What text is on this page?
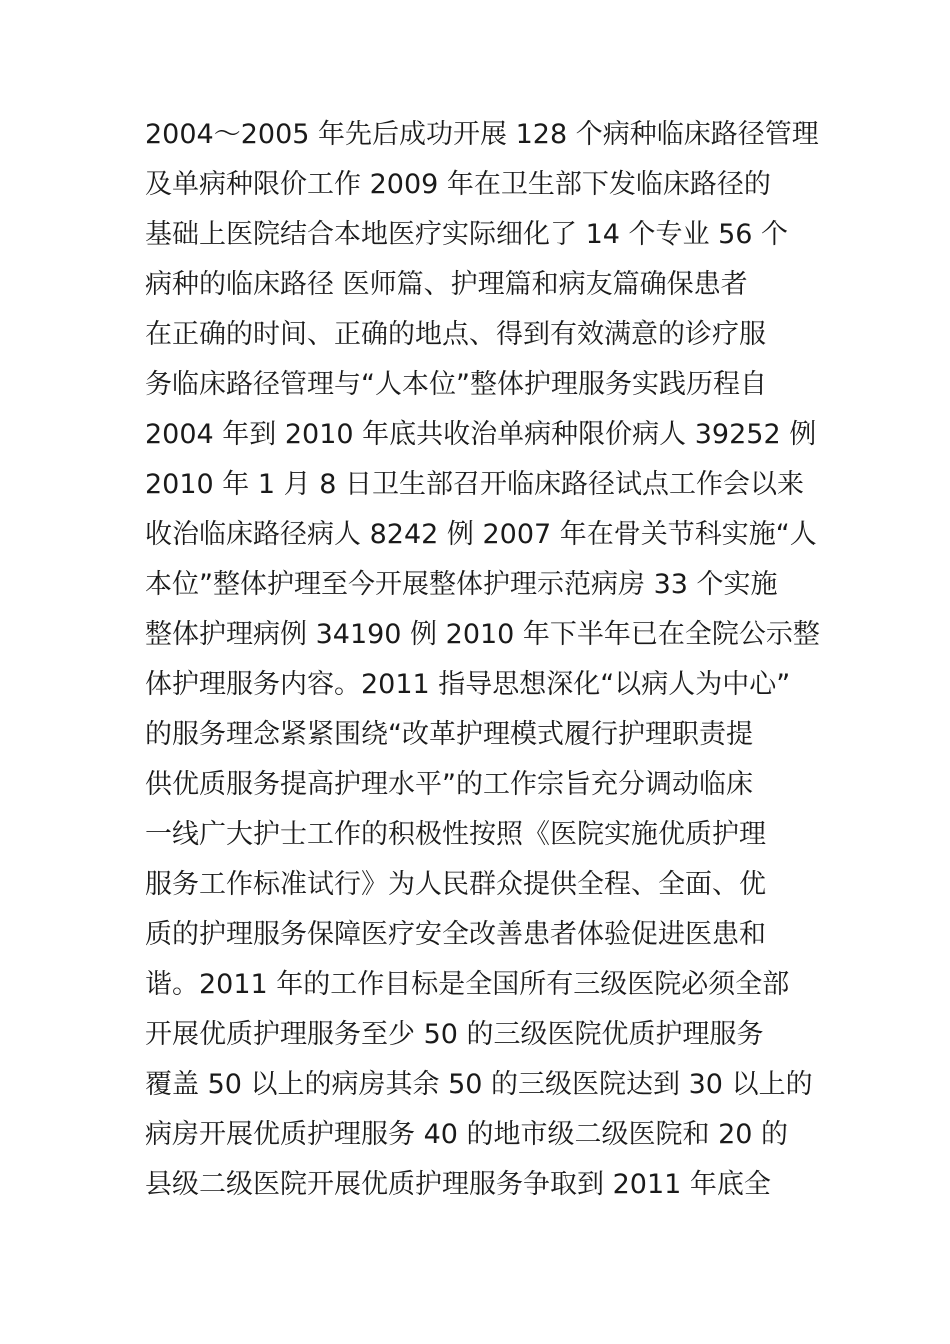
2004～2005 年先后成功开展 128 个病种临床路径管理
及单病种限价工作 2009 年在卫生部下发临床路径的
基础上医院结合本地医疗实际细化了 14 个专业 56 个
病种的临床路径 医师篇、护理篇和病友篇确保患者
在正确的时间、正确的地点、得到有效满意的诊疗服
务临床路径管理与“人本位”整体护理服务实践历程自
2004 年到 2010 年底共收治单病种限价病人 39252 例
2010 年 1 月 8 日卫生部召开临床路径试点工作会以来
收治临床路径病人 8242 例 2007 年在骨关节科实施“人
本位”整体护理至今开展整体护理示范病房 33 个实施
整体护理病例 34190 例 2010 年下半年已在全院公示整
体护理服务内容。2011 指导思想深化“以病人为中心”
的服务理念紧紧围绕“改革护理模式履行护理职责提
供优质服务提高护理水平”的工作宗旨充分调动临床
一线广大护士工作的积极性按照《医院实施优质护理
服务工作标准试行》为人民群众提供全程、全面、优
质的护理服务保障医疗安全改善患者体验促进医患和
谐。2011 年的工作目标是全国所有三级医院必须全部
开展优质护理服务至少 50 的三级医院优质护理服务
覆盖 50 以上的病房其余 50 的三级医院达到 30 以上的
病房开展优质护理服务 40 的地市级二级医院和 20 的
县级二级医院开展优质护理服务争取到 2011 年底全
